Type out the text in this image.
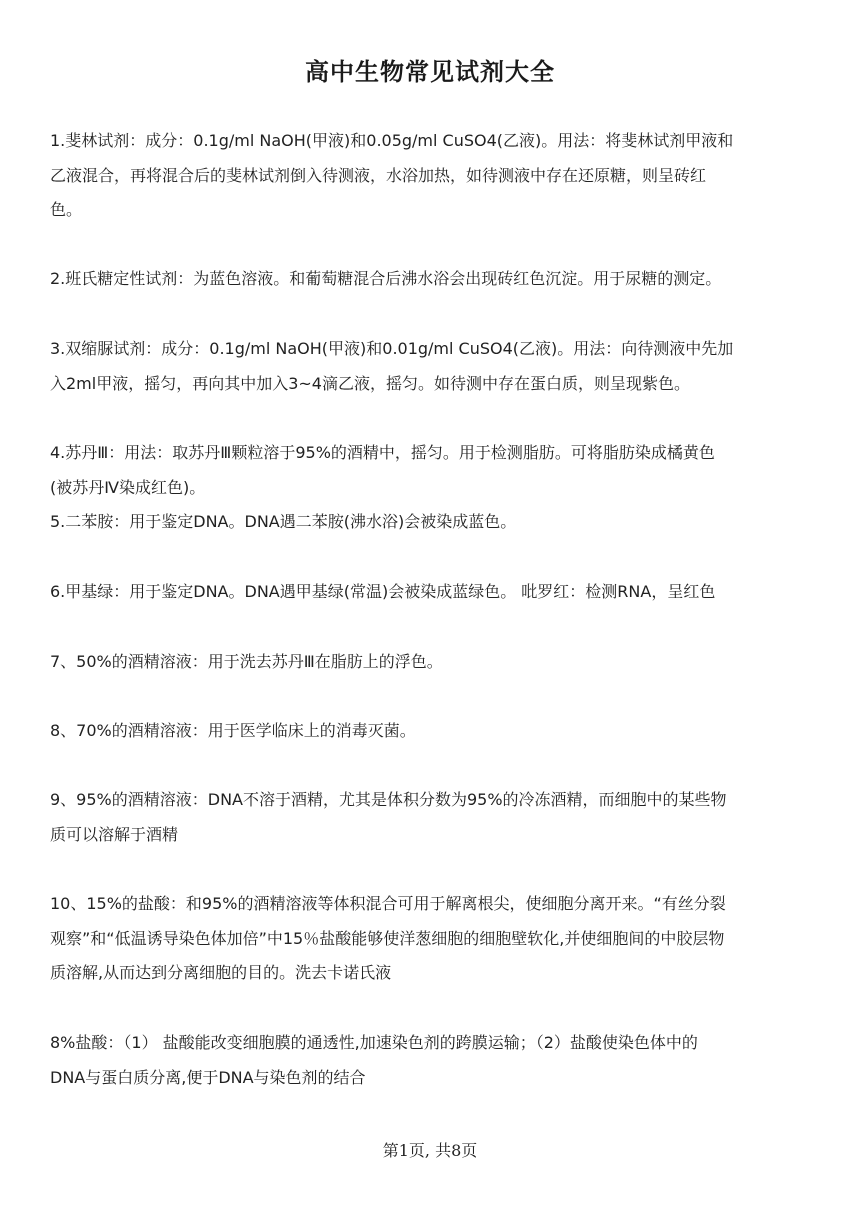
高中生物常见试剂大全
1.斐林试剂：成分：0.1g/ml NaOH(甲液)和0.05g/ml CuSO4(乙液)。用法：将斐林试剂甲液和
乙液混合，再将混合后的斐林试剂倒入待测液，水浴加热，如待测液中存在还原糖，则呈砖红
色。
2.班氏糖定性试剂：为蓝色溶液。和葡萄糖混合后沸水浴会出现砖红色沉淀。用于尿糖的测定。
3.双缩脲试剂：成分：0.1g/ml NaOH(甲液)和0.01g/ml CuSO4(乙液)。用法：向待测液中先加
入2ml甲液，摇匀，再向其中加入3~4滴乙液，摇匀。如待测中存在蛋白质，则呈现紫色。
4.苏丹Ⅲ：用法：取苏丹Ⅲ颗粒溶于95%的酒精中，摇匀。用于检测脂肪。可将脂肪染成橘黄色
(被苏丹Ⅳ染成红色)。
5.二苯胺：用于鉴定DNA。DNA遇二苯胺(沸水浴)会被染成蓝色。
6.甲基绿：用于鉴定DNA。DNA遇甲基绿(常温)会被染成蓝绿色。 吡罗红：检测RNA，呈红色
7、50%的酒精溶液：用于洗去苏丹Ⅲ在脂肪上的浮色。
8、70%的酒精溶液：用于医学临床上的消毒灭菌。
9、95%的酒精溶液：DNA不溶于酒精，尤其是体积分数为95%的冷冻酒精，而细胞中的某些物
质可以溶解于酒精
10、15%的盐酸：和95%的酒精溶液等体积混合可用于解离根尖，使细胞分离开来。“有丝分裂
观察”和“低温诱导染色体加倍”中15％盐酸能够使洋葱细胞的细胞壁软化,并使细胞间的中胶层物
质溶解,从而达到分离细胞的目的。洗去卡诺氏液
8%盐酸：（1） 盐酸能改变细胞膜的通透性,加速染色剂的跨膜运输；（2）盐酸使染色体中的
DNA与蛋白质分离,便于DNA与染色剂的结合
第1页, 共8页
